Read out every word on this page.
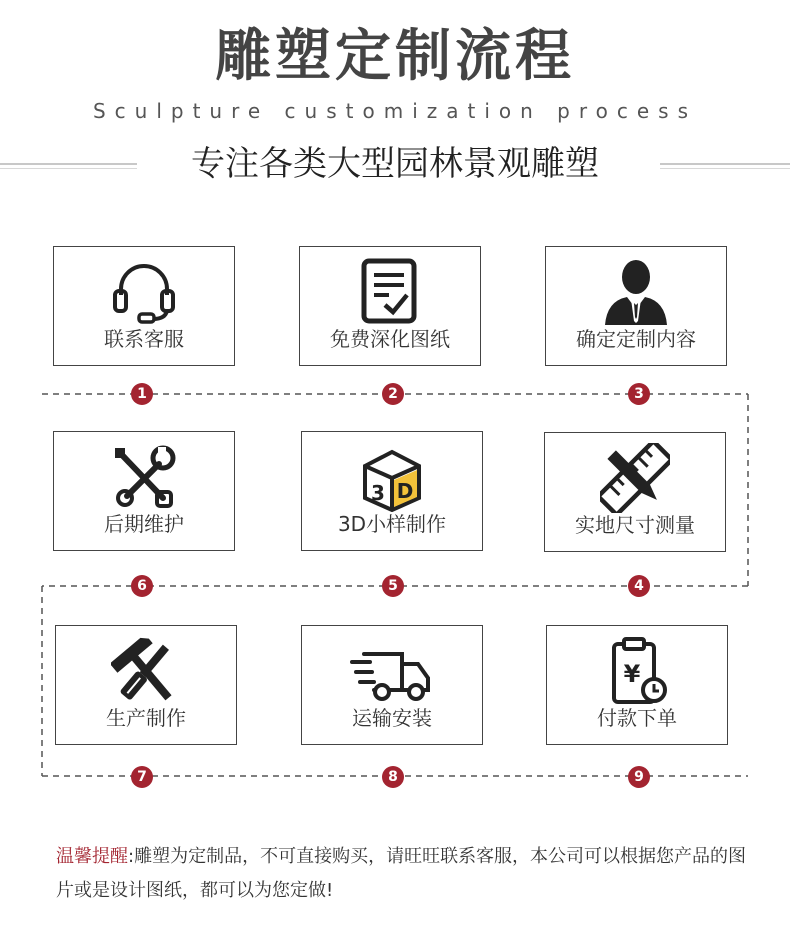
雕塑定制流程
Sculpture customization process
专注各类大型园林景观雕塑
联系客服
1
免费深化图纸
2
确定定制内容
3
后期维护
6
3 D
3D小样制作
5
实地尺寸测量
4
生产制作
7
运输安装
8
¥
付款下单
9
温馨提醒:雕塑为定制品，不可直接购买，请旺旺联系客服，本公司可以根据您产品的图片或是设计图纸，都可以为您定做!
